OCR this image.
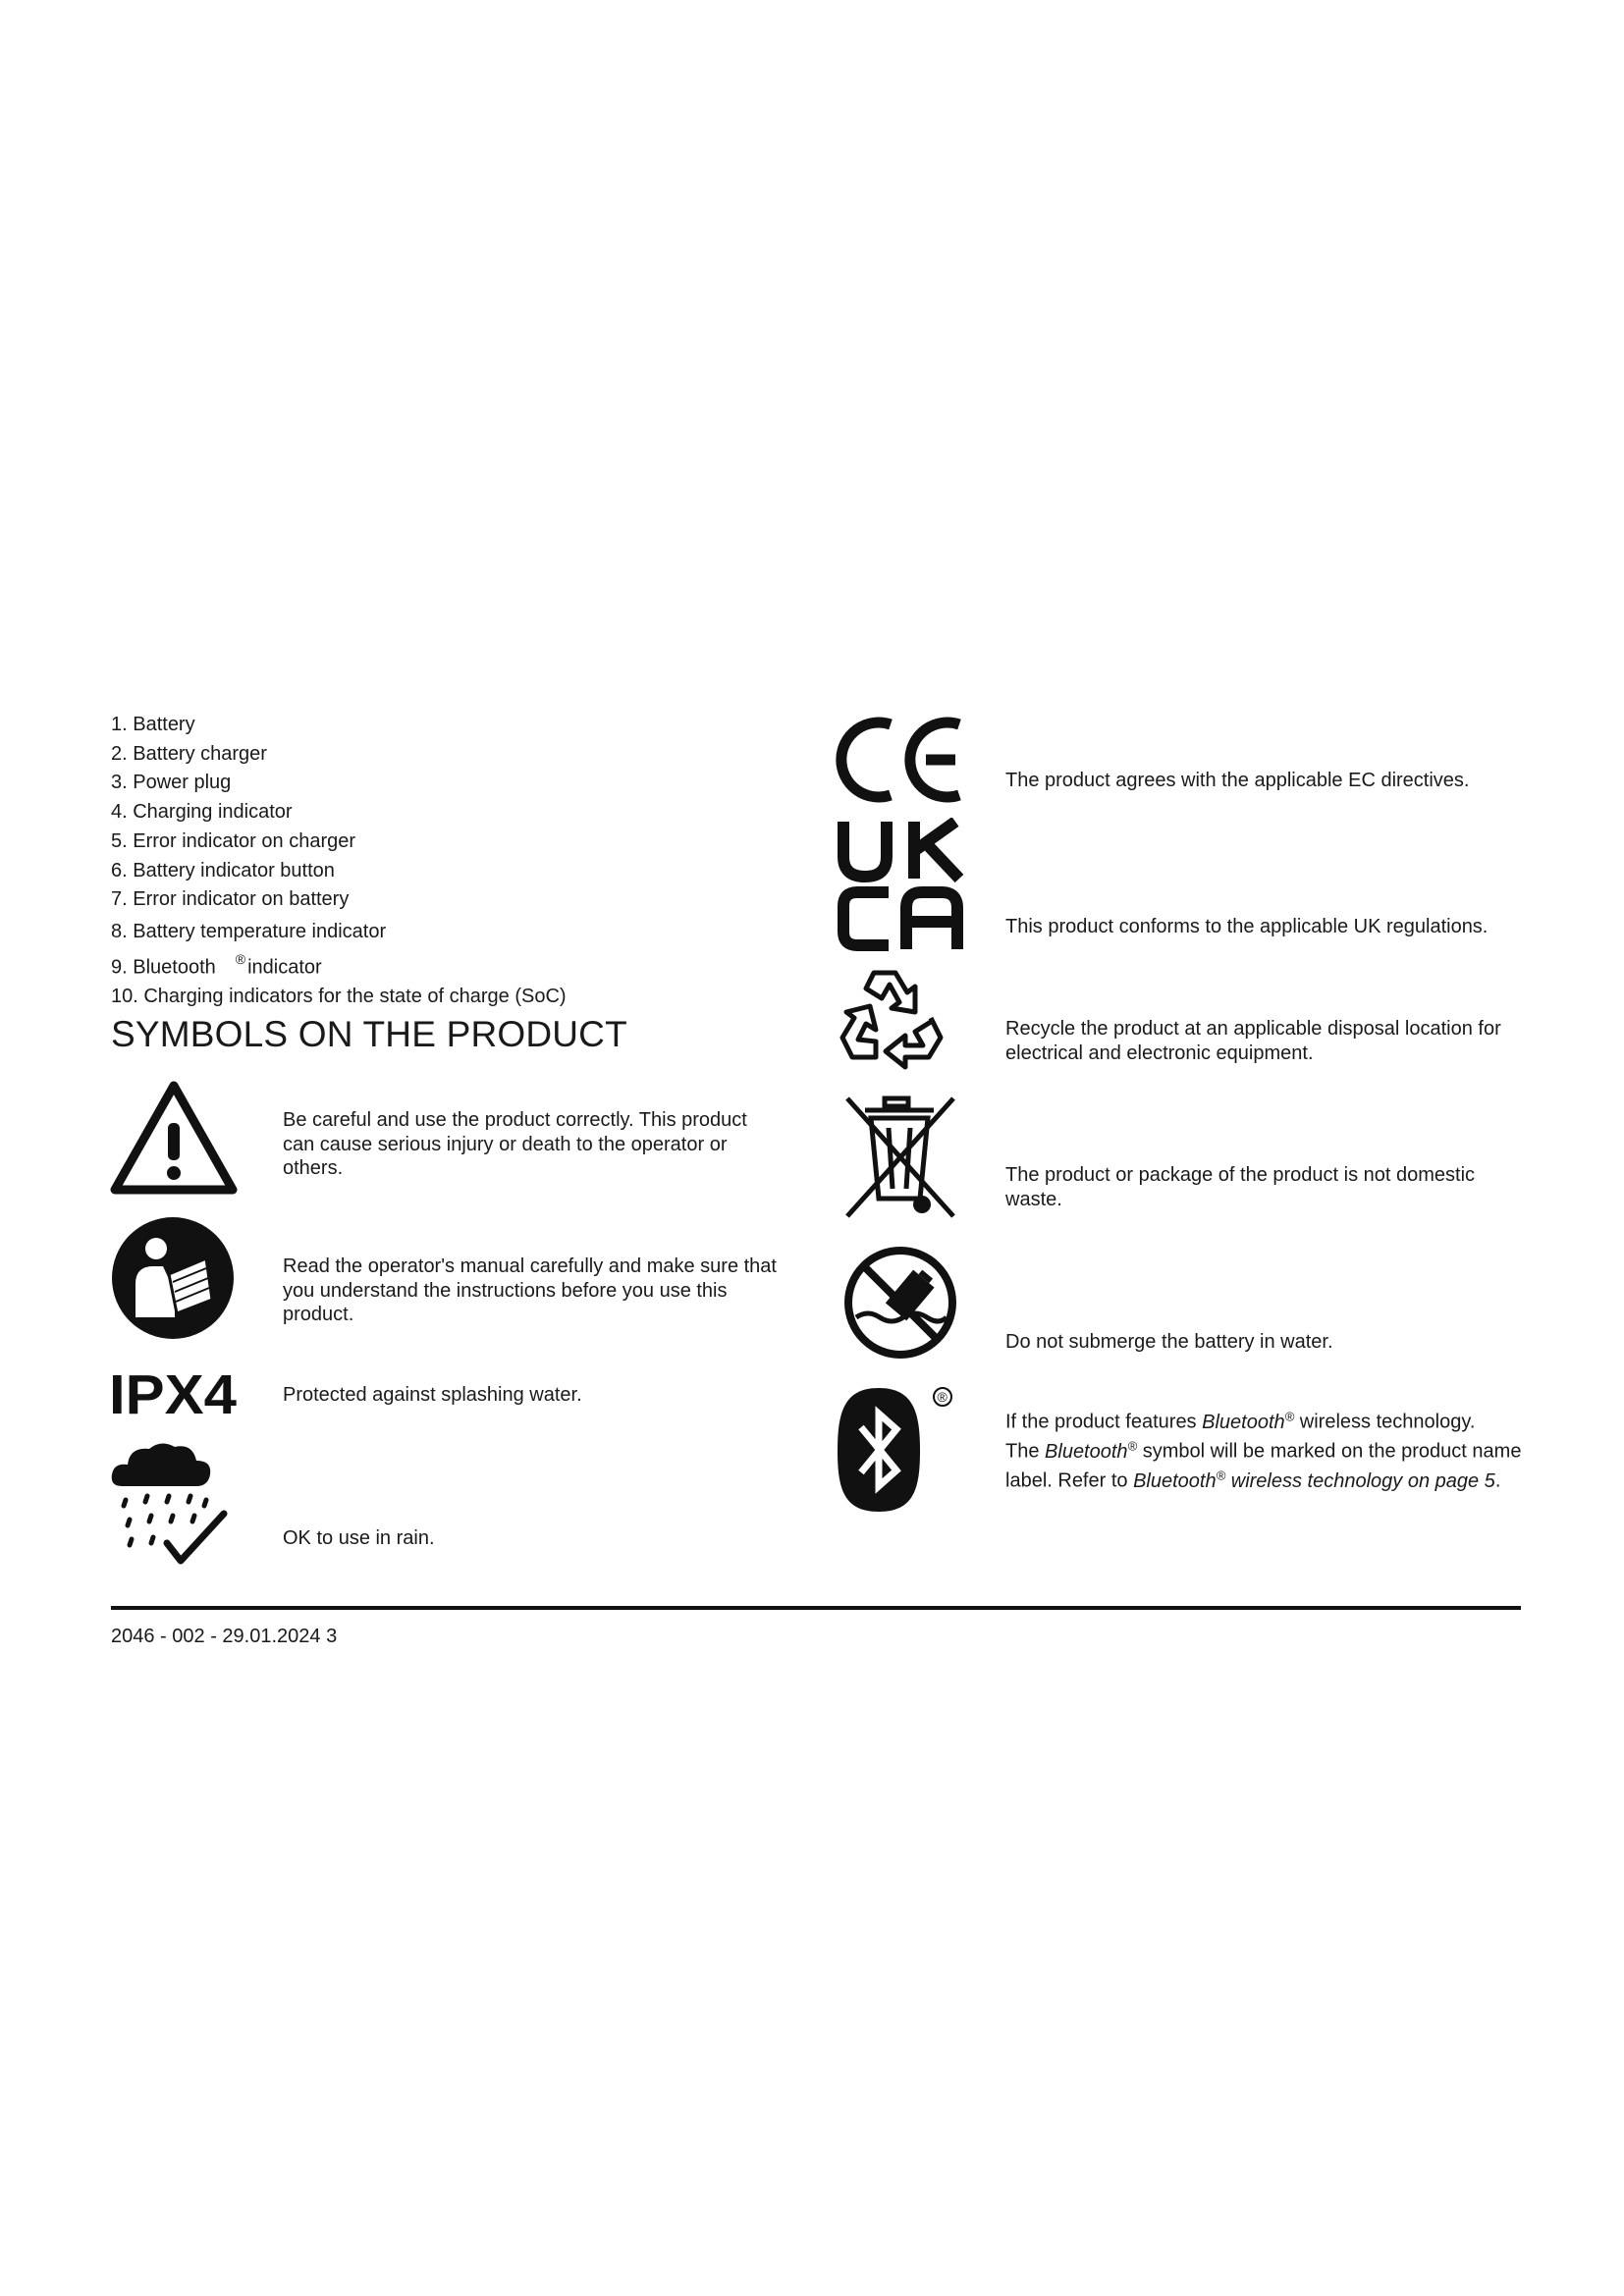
1. Battery
2. Battery charger
3. Power plug
4. Charging indicator
5. Error indicator on charger
6. Battery indicator button
7. Error indicator on battery
8. Battery temperature indicator
9. Bluetooth ® indicator
10. Charging indicators for the state of charge (SoC)
SYMBOLS ON THE PRODUCT

Be careful and use the product correctly. This product can cause serious injury or death to the operator or others.

Read the operator's manual carefully and make sure that you understand the instructions before you use this product.

IPX4 Protected against splashing water.

OK to use in rain.

The product agrees with the applicable EC directives.

This product conforms to the applicable UK regulations.

Recycle the product at an applicable disposal location for electrical and electronic equipment.

The product or package of the product is not domestic waste.

Do not submerge the battery in water.

®
If the product features Bluetooth® wireless technology.
The Bluetooth® symbol will be marked on the product name label. Refer to Bluetooth® wireless technology on page 5.
2046 - 002 - 29.01.2024 3
